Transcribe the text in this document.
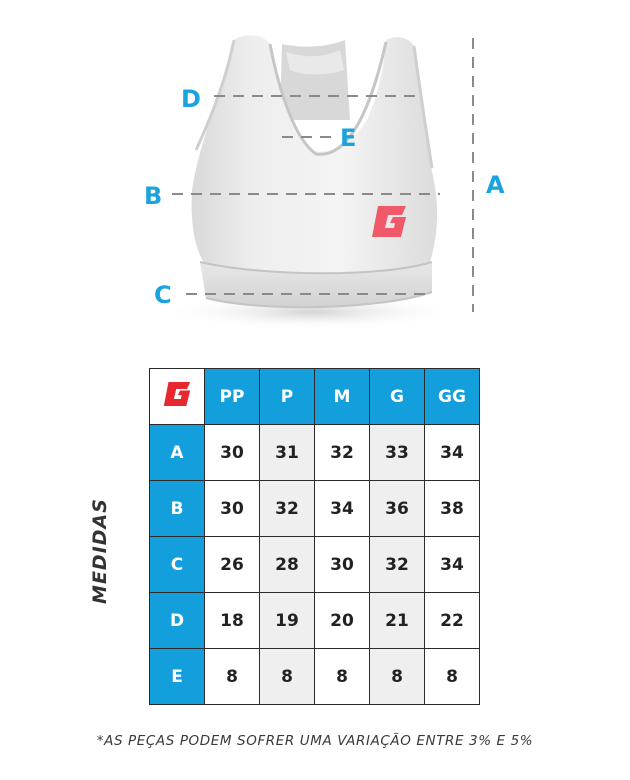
D
E
B
C
A
MEDIDAS
	PP	P	M	G	GG
A	30	31	32	33	34
B	30	32	34	36	38
C	26	28	30	32	34
D	18	19	20	21	22
E	8	8	8	8	8
*AS PEÇAS PODEM SOFRER UMA VARIAÇÃO ENTRE 3% E 5%
